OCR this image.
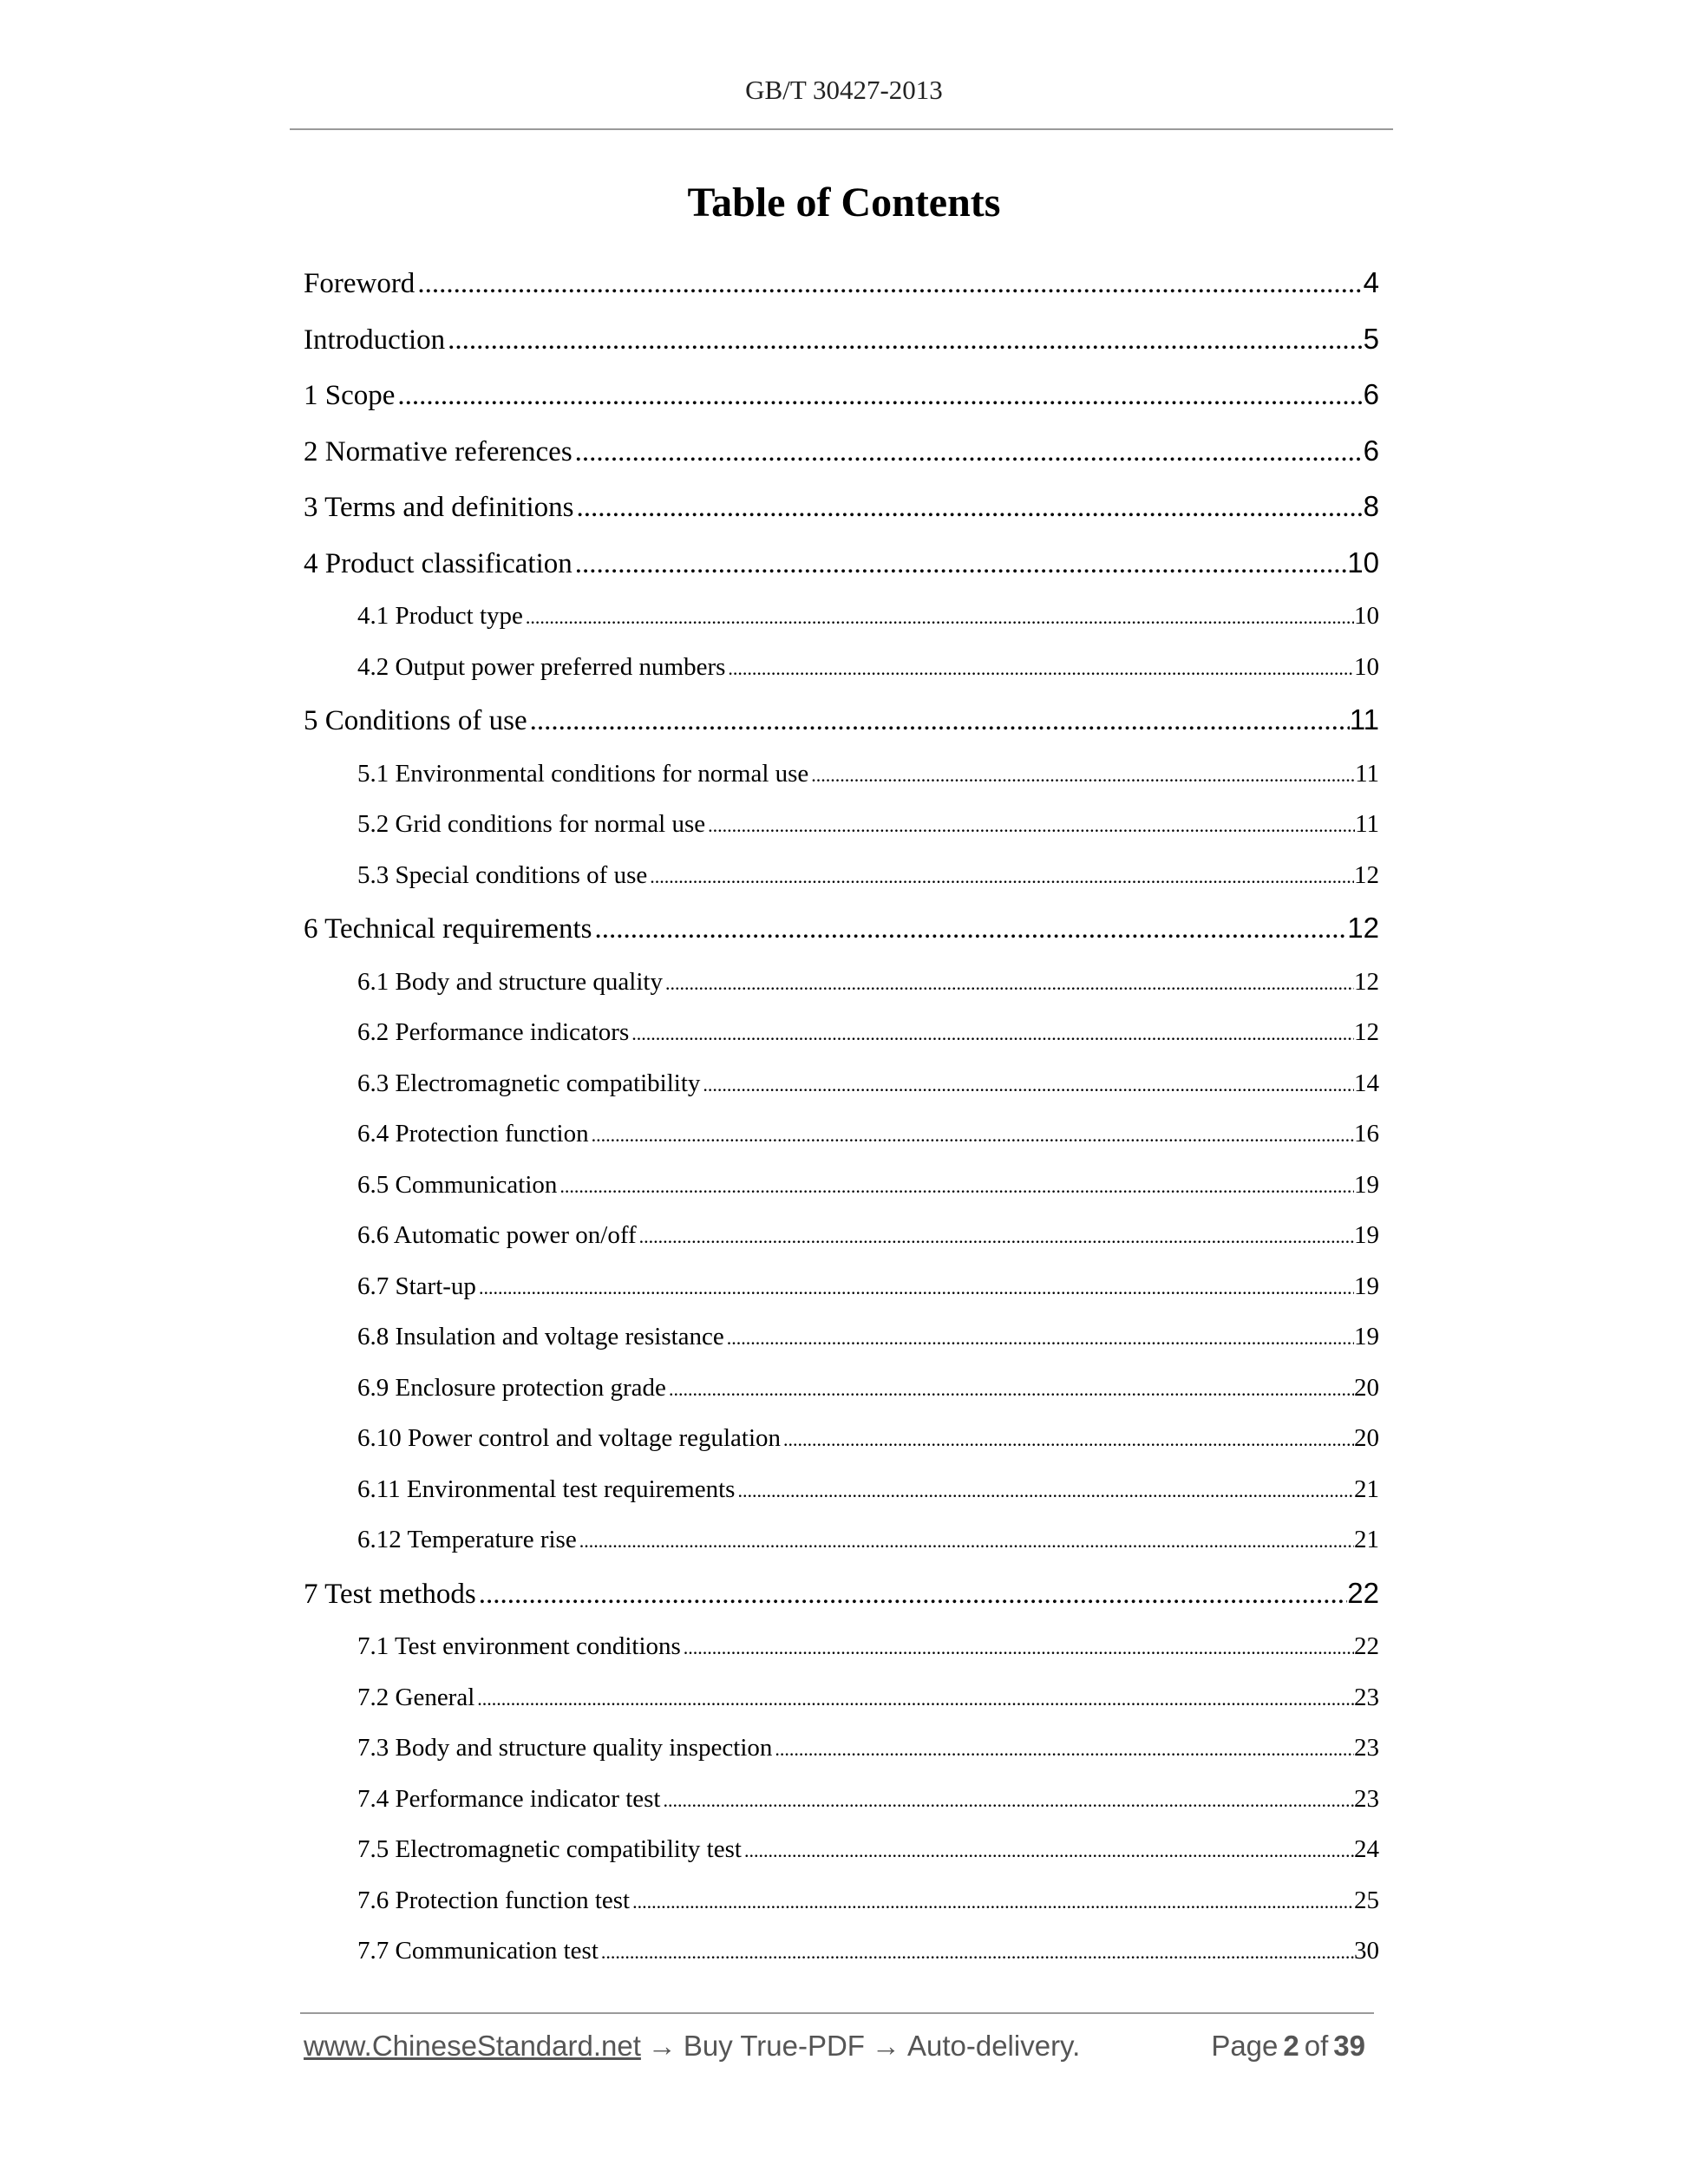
GB/T 30427-2013
Table of Contents
Foreword .....	4
Introduction .....	5
1 Scope .....	6
2 Normative references .....	6
3 Terms and definitions .....	8
4 Product classification .....	10
4.1 Product type .....	10
4.2 Output power preferred numbers .....	10
5 Conditions of use .....	11
5.1 Environmental conditions for normal use .....	11
5.2 Grid conditions for normal use .....	11
5.3 Special conditions of use .....	12
6 Technical requirements .....	12
6.1 Body and structure quality .....	12
6.2 Performance indicators .....	12
6.3 Electromagnetic compatibility .....	14
6.4 Protection function .....	16
6.5 Communication .....	19
6.6 Automatic power on/off .....	19
6.7 Start-up .....	19
6.8 Insulation and voltage resistance .....	19
6.9 Enclosure protection grade .....	20
6.10 Power control and voltage regulation .....	20
6.11 Environmental test requirements .....	21
6.12 Temperature rise .....	21
7 Test methods .....	22
7.1 Test environment conditions .....	22
7.2 General .....	23
7.3 Body and structure quality inspection .....	23
7.4 Performance indicator test .....	23
7.5 Electromagnetic compatibility test .....	24
7.6 Protection function test .....	25
7.7 Communication test .....	30
www.ChineseStandard.net → Buy True-PDF → Auto-delivery.	Page 2 of 39
